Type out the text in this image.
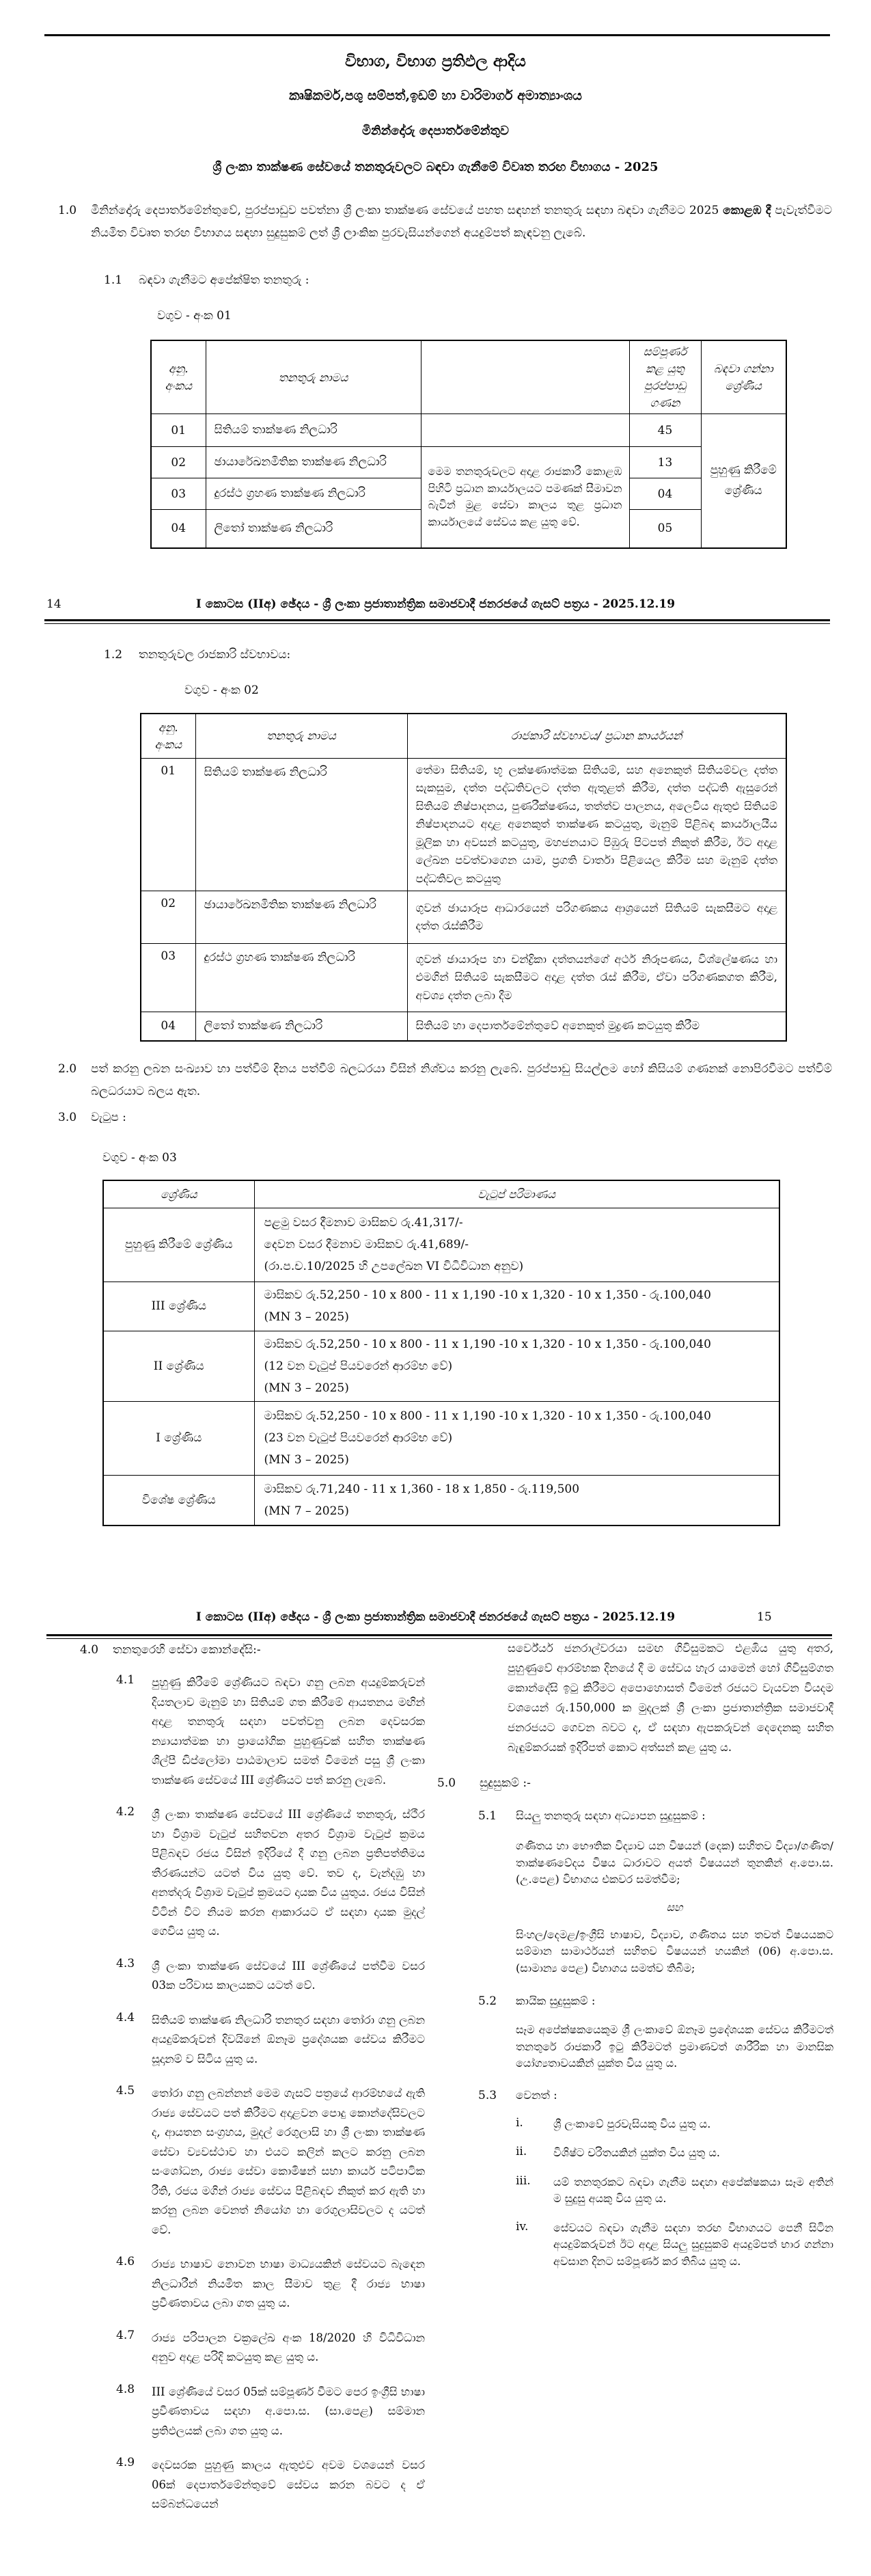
විභාග, විභාග ප්‍රතිඵල ආදිය
කෘෂිකර්ම,පශු සම්පත්,ඉඩම් හා වාරිමාර්ග අමාත්‍යාංශය
මිනින්දෝරු දෙපාර්තමේන්තුව
ශ්‍රී ලංකා තාක්ෂණ සේවයේ තනතුරුවලට බඳවා ගැනීමේ විවෘත තරඟ විභාගය - 2025
1.0	මිනින්දෝරු දෙපාර්තමේන්තුවේ, පුරප්පාඩුව පවත්නා ශ්‍රී ලංකා තාක්ෂණ සේවයේ පහත සඳහන් තනතුරු සඳහා බඳවා ගැනීමට 2025 කොළඹ දී පැවැත්වීමට නියමිත විවෘත තරඟ විභාගය සඳහා සුදුසුකම් ලත් ශ්‍රී ලාංකික පුරවැසියන්ගෙන් අයදුම්පත් කැඳවනු ලැබේ.
1.1	බඳවා ගැනීමට අපේක්ෂිත තනතුරු :
වගුව - අංක 01
අනු. අංකය	තනතුරු නාමය		සම්පූර්ණ කළ යුතු පුරප්පාඩු ගණන	බඳවා ගන්නා ශ්‍රේණිය
01	සිතියම් තාක්ෂණ නිලධාරි		45	පුහුණු කිරීමේ ශ්‍රේණිය
02	ඡායාරේඛනමිතික තාක්ෂණ නිලධාරි	මෙම තනතුරුවලට අදාළ රාජකාරී කොළඹ පිහිටි ප්‍රධාන කාර්යාලයට පමණක් සීමාවන බැවින් මුළ සේවා කාලය තුළ ප්‍රධාන කාර්යාලයේ සේවය කළ යුතු වේ.	13	
03	දුරස්ථ ග්‍රහණ තාක්ෂණ නිලධාරි		04	
04	ලිතෝ තාක්ෂණ නිලධාරි		05	
14	I කොටස (IIඅ) ඡේදය - ශ්‍රී ලංකා ප්‍රජාතාන්ත්‍රික සමාජවාදී ජනරජයේ ගැසට් පත්‍රය - 2025.12.19
1.2	තනතුරුවල රාජකාරි ස්වභාවය:
වගුව - අංක 02
අනු. අංකය	තනතුරු නාමය	රාජකාරි ස්වභාවය/ ප්‍රධාන කාර්යයන්
01	සිතියම් තාක්ෂණ නිලධාරි	තේමා සිතියම්, භූ ලක්ෂණාත්මක සිතියම්, සහ අනෙකුත් සිතියම්වල දත්ත සැකසුම, දත්ත පද්ධතිවලට දත්ත ඇතුළත් කිරීම, දත්ත පද්ධති ඇසුරෙන් සිතියම් නිෂ්පාදනය, පුණරීක්ෂණය, තත්ත්ව පාලනය, අලෙවිය ඇතුළු සිතියම් නිෂ්පාදනයට අදාළ අනෙකුත් තාක්ෂණ කටයුතු, මැනුම් පිළිබඳ කාර්යාලයීය මූලික හා අවසන් කටයුතු, මහජනයාට පිඹුරු පිටපත් නිකුත් කිරීම, ඊට අදාළ ලේඛන පවත්වාගෙන යාම, ප්‍රගති වාර්තා පිළියෙල කිරීම සහ මැනුම් දත්ත පද්ධතිවල කටයුතු
02	ඡායාරේඛනමිතික තාක්ෂණ නිලධාරි	ගුවන් ඡායාරූප ආධාරයෙන් පරිගණකය ආශ්‍රයෙන් සිතියම් සැකසීමට අදාළ දත්ත රැස්කිරීම
03	දුරස්ථ ග්‍රහණ තාක්ෂණ නිලධාරි	ගුවන් ඡායාරූප හා චන්ද්‍රිකා දත්තයන්ගේ අර්ථ නිරූපණය, විශ්ලේෂණය හා එමගින් සිතියම් සැකසීමට අදාළ දත්ත රැස් කිරීම, ඒවා පරිගණකගත කිරීම, අවශ්‍ය දත්ත ලබා දීම
04	ලිතෝ තාක්ෂණ නිලධාරි	සිතියම් හා දෙපාර්තමේන්තුවේ අනෙකුත් මුද්‍රණ කටයුතු කිරීම
2.0	පත් කරනු ලබන සංඛ්‍යාව හා පත්වීම් දිනය පත්වීම් බලධරයා විසින් නිශ්චය කරනු ලැබේ. පුරප්පාඩු සියල්ලම හෝ කිසියම් ගණනක් නොපිරවීමට පත්වීම් බලධරයාට බලය ඇත.
3.0	වැටුප :
වගුව - අංක 03
ශ්‍රේණිය	වැටුප් පරිමාණය
පුහුණු කිරීමේ ශ්‍රේණිය	පළමු වසර දීමනාව මාසිකව රු.41,317/-
දෙවන වසර දීමනාව මාසිකව රු.41,689/-
(රා.ප.ච.10/2025 හි උපලේඛන VI විධිවිධාන අනුව)

III ශ්‍රේණිය	මාසිකව රු.52,250 - 10 x 800 - 11 x 1,190 -10 x 1,320 - 10 x 1,350 - රු.100,040
(MN 3 – 2025)

II ශ්‍රේණිය	මාසිකව රු.52,250 - 10 x 800 - 11 x 1,190 -10 x 1,320 - 10 x 1,350 - රු.100,040
(12 වන වැටුප් පියවරෙන් ආරම්භ වේ)
(MN 3 – 2025)

I ශ්‍රේණිය	මාසිකව රු.52,250 - 10 x 800 - 11 x 1,190 -10 x 1,320 - 10 x 1,350 - රු.100,040
(23 වන වැටුප් පියවරෙන් ආරම්භ වේ)
(MN 3 – 2025)

විශේෂ ශ්‍රේණිය	මාසිකව රු.71,240 - 11 x 1,360 - 18 x 1,850 - රු.119,500
(MN 7 – 2025)
I කොටස (IIඅ) ඡේදය - ශ්‍රී ලංකා ප්‍රජාතාන්ත්‍රික සමාජවාදී ජනරජයේ ගැසට් පත්‍රය - 2025.12.19	15
4.0	තනතුරෙහි සේවා කොන්දේසි:-
4.1	පුහුණු කිරීමේ ශ්‍රේණියට බඳවා ගනු ලබන අයදුම්කරුවන් දියතලාව මැනුම් හා සිතියම් ගත කිරීමේ ආයතනය මඟින් අදාළ තනතුරු සඳහා පවත්වනු ලබන දෙවසරක න්‍යායාත්මක හා ප්‍රායෝගික පුහුණුවක් සහිත තාක්ෂණ ශිල්පී ඩිප්ලෝමා පාඨමාලාව සමත් වීමෙන් පසු ශ්‍රී ලංකා තාක්ෂණ සේවයේ III ශ්‍රේණියට පත් කරනු ලැබේ.
4.2	ශ්‍රී ලංකා තාක්ෂණ සේවයේ III ශ්‍රේණියේ තනතුරු, ස්ථීර හා විශ්‍රාම වැටුප් සහිතවන අතර විශ්‍රාම වැටුප් ක්‍රමය පිළිබඳව රජය විසින් ඉදිරියේ දී ගනු ලබන ප්‍රතිපත්තිමය තීරණයන්ට යටත් විය යුතු වේ. තව ද, වැන්දඹු හා අනත්දරු විශ්‍රාම වැටුප් ක්‍රමයට දායක විය යුතුය. රජය විසින් විටින් විට නියම කරන ආකාරයට ඒ සඳහා දායක මුදල් ගෙවිය යුතු ය.
4.3	ශ්‍රී ලංකා තාක්ෂණ සේවයේ III ශ්‍රේණියේ පත්වීම වසර 03ක පරිවාස කාලයකට යටත් වේ.
4.4	සිතියම් තාක්ෂණ නිලධාරි තනතුර සඳහා තෝරා ගනු ලබන අයදුම්කරුවන් දිවයිනේ ඕනෑම ප්‍රදේශයක සේවය කිරීමට සූදානම් ව සිටිය යුතු ය.
4.5	තෝරා ගනු ලබන්නන් මෙම ගැසට් පත්‍රයේ ආරම්භයේ ඇති රාජ්‍ය සේවයට පත් කිරීමට අදාළවන පොදු කොන්දේසිවලට ද, ආයතන සංග්‍රහය, මුදල් රෙගුලාසි හා ශ්‍රී ලංකා තාක්ෂණ සේවා ව්‍යවස්ථාව හා එයට කලින් කලට කරනු ලබන සංශෝධන, රාජ්‍ය සේවා කොමිෂන් සභා කාර්ය පටිපාටික රීති, රජය මගින් රාජ්‍ය සේවය පිළිබඳව නිකුත් කර ඇති හා කරනු ලබන වෙනත් නියෝග හා රෙගුලාසිවලට ද යටත් වේ.
4.6	රාජ්‍ය භාෂාව නොවන භාෂා මාධ්‍යයකින් සේවයට බැඳෙන නිලධාරීන් නියමිත කාල සීමාව තුළ දී රාජ්‍ය භාෂා ප්‍රවීණතාවය ලබා ගත යුතු ය.
4.7	රාජ්‍ය පරිපාලන චක්‍රලේඛ අංක 18/2020 හි විධිවිධාන අනුව අදාළ පරිදි කටයුතු කළ යුතු ය.
4.8	III ශ්‍රේණියේ වසර 05ක් සම්පූර්ණ වීමට පෙර ඉංග්‍රීසි භාෂා ප්‍රවීණතාවය සඳහා අ.පො.ස. (සා.පෙළ) සම්මාන ප්‍රතිඵලයක් ලබා ගත යුතු ය.
4.9	දෙවසරක පුහුණු කාලය ඇතුළුව අවම වශයෙන් වසර 06ක් දෙපාර්තමේන්තුවේ සේවය කරන බවට ද ඒ සම්බන්ධයෙන්
සර්වේයර් ජනරාල්වරයා සමඟ ගිවිසුමකට එළඹිය යුතු අතර, පුහුණුවේ ආරම්භක දිනයේ දී ම සේවය හැර යාමෙන් හෝ ගිවිසුම්ගත කොන්දේසි ඉටු කිරීමට අපොහොසත් වීමෙන් රජයට වැයවන වියදම වශයෙන් රු.150,000 ක මුදලක් ශ්‍රී ලංකා ප්‍රජාතාන්ත්‍රික සමාජවාදී ජනරජයට ගෙවන බවට ද, ඒ සඳහා ඇපකරුවන් දෙදෙනකු සහිත බැඳුම්කරයක් ඉදිරිපත් කොට අත්සන් කළ යුතු ය.
5.0	සුදුසුකම් :-
5.1	සියලු තනතුරු සඳහා අධ්‍යාපන සුදුසුකම් :
ගණිතය හා භෞතික විද්‍යාව යන විෂයන් (දෙක) සහිතව විද්‍යා/ගණිත/තාක්ෂණවේදය විෂය ධාරාවට අයත් විෂයයන් තුනකින් අ.පො.ස. (උ.පෙළ) විභාගය එකවර සමත්වීම;
සහ
සිංහල/දෙමළ/ඉංග්‍රීසි භාෂාව, විද්‍යාව, ගණිතය සහ තවත් විෂයයකට සම්මාන සාමාර්ථයන් සහිතව විෂයයන් හයකින් (06) අ.පො.ස. (සාමාන්‍ය පෙළ) විභාගය සමත්ව තිබීම;
5.2	කායික සුදුසුකම් :
සෑම අපේක්ෂකයෙකුම ශ්‍රී ලංකාවේ ඕනෑම ප්‍රදේශයක සේවය කිරීමටත් තනතුරේ රාජකාරී ඉටු කිරීමටත් ප්‍රමාණවත් ශාරීරික හා මානසික යෝග්‍යතාවයකින් යුක්ත විය යුතු ය.
5.3	වෙනත් :
i.	ශ්‍රී ලංකාවේ පුරවැසියකු විය යුතු ය.
ii.	විශිෂ්ට චරිතයකින් යුක්ත විය යුතු ය.
iii.	යම් තනතුරකට බඳවා ගැනීම සඳහා අපේක්ෂකයා සෑම අතින් ම සුදුසු අයකු විය යුතු ය.
iv.	සේවයට බඳවා ගැනීම සඳහා තරඟ විභාගයට පෙනී සිටින අයදුම්කරුවන් ඊට අදාළ සියලු සුදුසුකම් අයදුම්පත් භාර ගන්නා අවසාන දිනට සම්පූර්ණ කර තිබිය යුතු ය.
